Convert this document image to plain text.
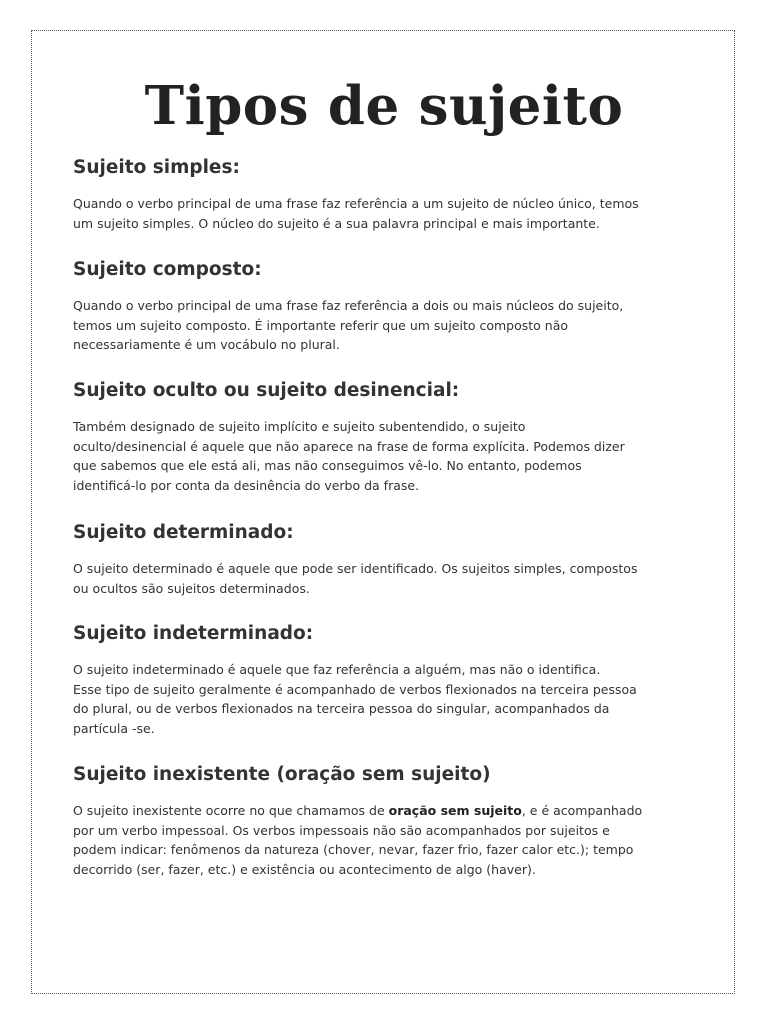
Tipos de sujeito
Sujeito simples:

Quando o verbo principal de uma frase faz referência a um sujeito de núcleo único, temos
um sujeito simples. O núcleo do sujeito é a sua palavra principal e mais importante.

Sujeito composto:

Quando o verbo principal de uma frase faz referência a dois ou mais núcleos do sujeito,
temos um sujeito composto. É importante referir que um sujeito composto não
necessariamente é um vocábulo no plural.

Sujeito oculto ou sujeito desinencial:

Também designado de sujeito implícito e sujeito subentendido, o sujeito
oculto/desinencial é aquele que não aparece na frase de forma explícita. Podemos dizer
que sabemos que ele está ali, mas não conseguimos vê-lo. No entanto, podemos
identificá-lo por conta da desinência do verbo da frase.

Sujeito determinado:

O sujeito determinado é aquele que pode ser identificado. Os sujeitos simples, compostos
ou ocultos são sujeitos determinados.

Sujeito indeterminado:

O sujeito indeterminado é aquele que faz referência a alguém, mas não o identifica.
Esse tipo de sujeito geralmente é acompanhado de verbos flexionados na terceira pessoa
do plural, ou de verbos flexionados na terceira pessoa do singular, acompanhados da
partícula -se.

Sujeito inexistente (oração sem sujeito)

O sujeito inexistente ocorre no que chamamos de oração sem sujeito, e é acompanhado
por um verbo impessoal. Os verbos impessoais não são acompanhados por sujeitos e
podem indicar: fenômenos da natureza (chover, nevar, fazer frio, fazer calor etc.); tempo
decorrido (ser, fazer, etc.) e existência ou acontecimento de algo (haver).
